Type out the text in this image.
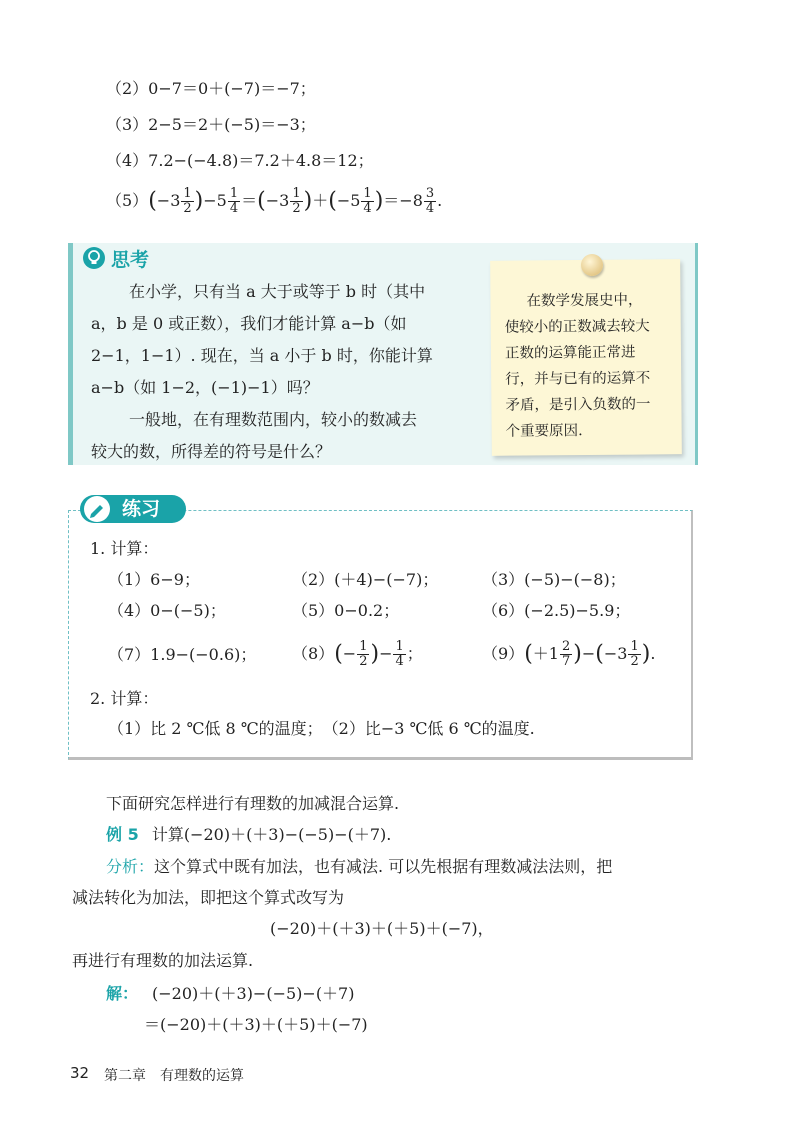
（2）0−7＝0＋(−7)＝−7；
（3）2−5＝2＋(−5)＝−3；
（4）7.2−(−4.8)＝7.2＋4.8＝12；
$(5)(-3 \frac{1}{2} )-5 \frac{1}{4} =(-3 \frac{1}{2} )+(-5 \frac{1}{4} )=-8 \frac{3}{4}$ .
思考
在小学，只有当 a 大于或等于 b 时（其中
a，b 是 0 或正数），我们才能计算 a−b（如
2−1，1−1）. 现在，当 a 小于 b 时，你能计算
a−b（如 1−2，(−1)−1）吗？
一般地，在有理数范围内，较小的数减去
较大的数，所得差的符号是什么？
在数学发展史中，
使较小的正数减去较大
正数的运算能正常进
行，并与已有的运算不
矛盾，是引入负数的一
个重要原因.
练习
1. 计算：
（1）6−9；	（2）(＋4)−(−7)；	（3）(−5)−(−8)；
（4）0−(−5)；	（5）0−0.2；	（6）(−2.5)−5.9；
（7）1.9−(−0.6)； $(8)(- \frac{1}{2}$ )− $\frac{1}{4}$ ；	$(9)(+1 \frac{2}{7} )-(-3 \frac{1}{2}$ ).
2. 计算：
（1）比 2 ℃低 8 ℃的温度；　（2）比−3 ℃低 6 ℃的温度.
下面研究怎样进行有理数的加减混合运算.
例 5 计算(−20)＋(＋3)−(−5)−(＋7).
分析：这个算式中既有加法，也有减法. 可以先根据有理数减法法则，把
减法转化为加法，即把这个算式改写为
(−20)＋(＋3)＋(＋5)＋(−7)，
再进行有理数的加法运算.
解： (−20)＋(＋3)−(−5)−(＋7)
＝(−20)＋(＋3)＋(＋5)＋(−7)
32 第二章　有理数的运算
